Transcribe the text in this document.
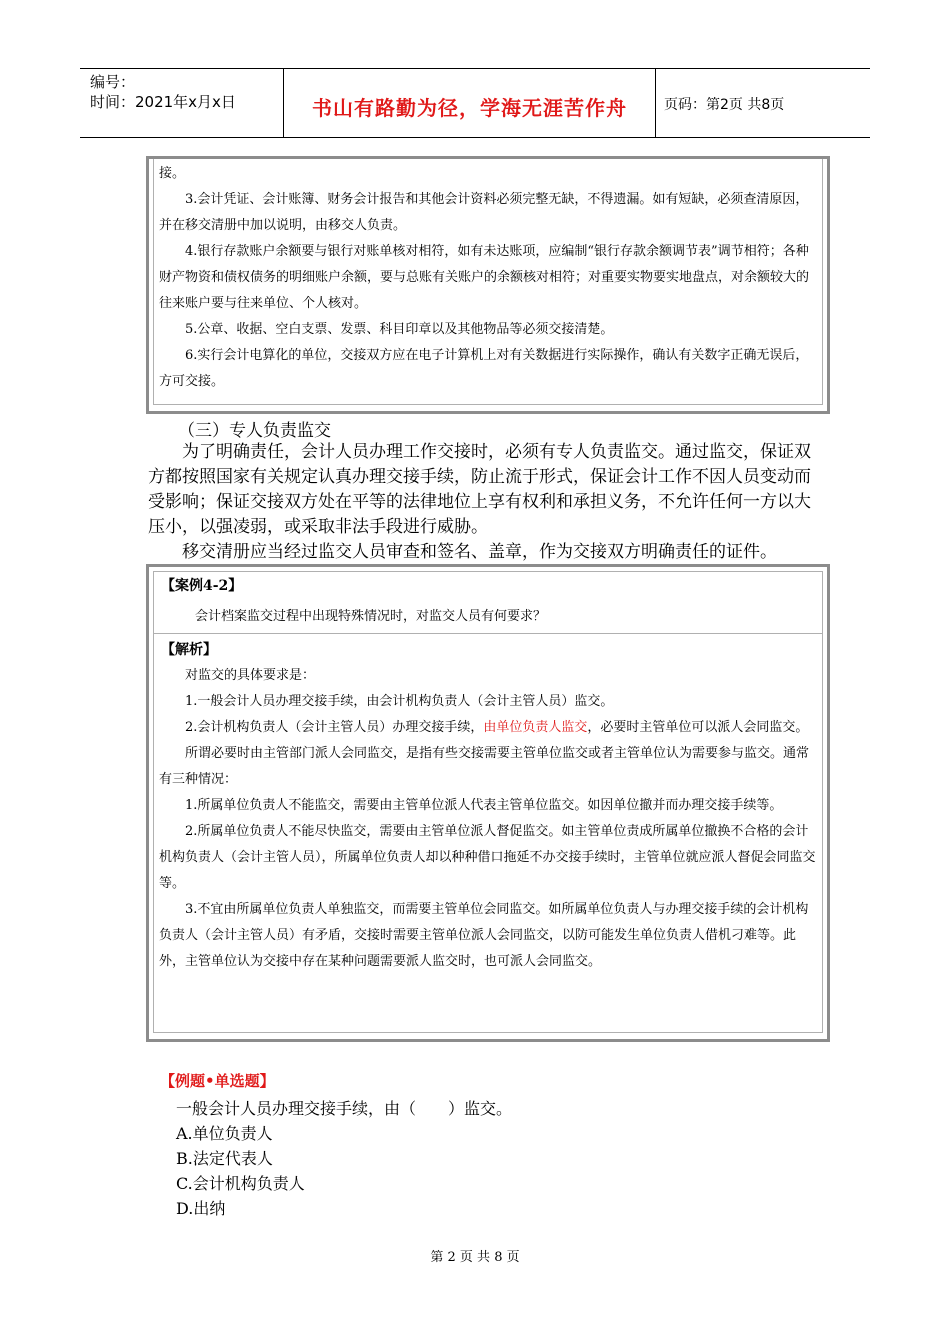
编号：
时间：2021年x月x日	书山有路勤为径，学海无涯苦作舟	页码：第2页 共8页

接。

3.会计凭证、会计账簿、财务会计报告和其他会计资料必须完整无缺，不得遗漏。如有短缺，必须查清原因，并在移交清册中加以说明，由移交人负责。

4.银行存款账户余额要与银行对账单核对相符，如有未达账项，应编制“银行存款余额调节表”调节相符；各种财产物资和债权债务的明细账户余额，要与总账有关账户的余额核对相符；对重要实物要实地盘点，对余额较大的往来账户要与往来单位、个人核对。

5.公章、收据、空白支票、发票、科目印章以及其他物品等必须交接清楚。

6.实行会计电算化的单位，交接双方应在电子计算机上对有关数据进行实际操作，确认有关数字正确无误后，方可交接。

（三）专人负责监交

为了明确责任，会计人员办理工作交接时，必须有专人负责监交。通过监交，保证双方都按照国家有关规定认真办理交接手续，防止流于形式，保证会计工作不因人员变动而受影响；保证交接双方处在平等的法律地位上享有权利和承担义务，不允许任何一方以大压小，以强凌弱，或采取非法手段进行威胁。

移交清册应当经过监交人员审查和签名、盖章，作为交接双方明确责任的证件。

【案例4-2】
会计档案监交过程中出现特殊情况时，对监交人员有何要求？
【解析】

对监交的具体要求是：

1.一般会计人员办理交接手续，由会计机构负责人（会计主管人员）监交。

2.会计机构负责人（会计主管人员）办理交接手续，由单位负责人监交，必要时主管单位可以派人会同监交。

所谓必要时由主管部门派人会同监交，是指有些交接需要主管单位监交或者主管单位认为需要参与监交。通常有三种情况：

1.所属单位负责人不能监交，需要由主管单位派人代表主管单位监交。如因单位撤并而办理交接手续等。

2.所属单位负责人不能尽快监交，需要由主管单位派人督促监交。如主管单位责成所属单位撤换不合格的会计机构负责人（会计主管人员），所属单位负责人却以种种借口拖延不办交接手续时，主管单位就应派人督促会同监交等。

3.不宜由所属单位负责人单独监交，而需要主管单位会同监交。如所属单位负责人与办理交接手续的会计机构负责人（会计主管人员）有矛盾，交接时需要主管单位派人会同监交，以防可能发生单位负责人借机刁难等。此外，主管单位认为交接中存在某种问题需要派人监交时，也可派人会同监交。

【例题•单选题】
一般会计人员办理交接手续，由（　　）监交。
A.单位负责人
B.法定代表人
C.会计机构负责人
D.出纳
第 2 页 共 8 页
